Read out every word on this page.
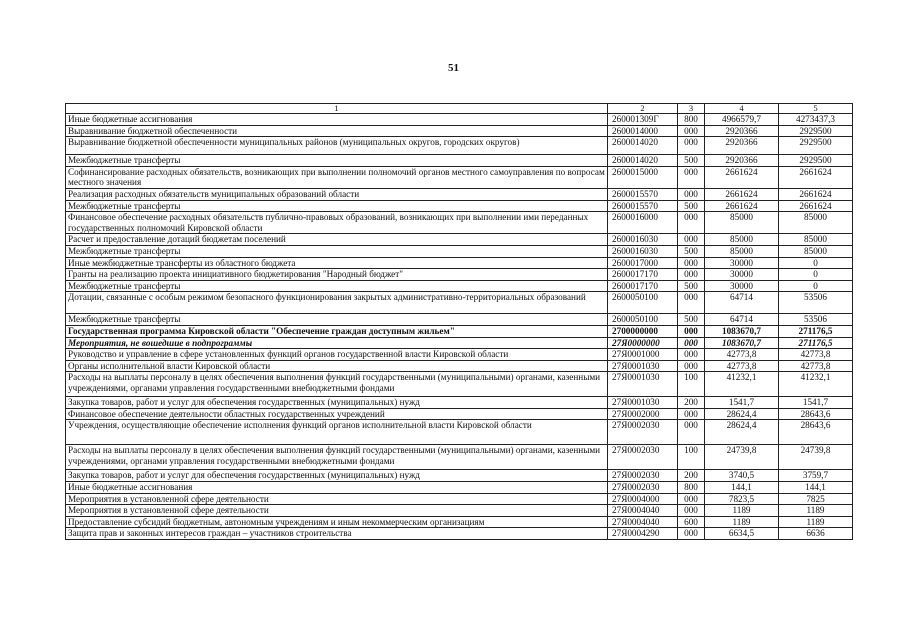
51
1	2	3	4	5
Иные бюджетные ассигнования	260001309Г	800	4966579,7	4273437,3
Выравнивание бюджетной обеспеченности	2600014000	000	2920366	2929500
Выравнивание бюджетной обеспеченности муниципальных районов (муниципальных округов, городских округов)	2600014020	000	2920366	2929500
Межбюджетные трансферты	2600014020	500	2920366	2929500
Софинансирование расходных обязательств, возникающих при выполнении полномочий органов местного самоуправления по вопросам местного значения	2600015000	000	2661624	2661624
Реализация расходных обязательств муниципальных образований области	2600015570	000	2661624	2661624
Межбюджетные трансферты	2600015570	500	2661624	2661624
Финансовое обеспечение расходных обязательств публично-правовых образований, возникающих при выполнении ими переданных государственных полномочий Кировской области	2600016000	000	85000	85000
Расчет и предоставление дотаций бюджетам поселений	2600016030	000	85000	85000
Межбюджетные трансферты	2600016030	500	85000	85000
Иные межбюджетные трансферты из областного бюджета	2600017000	000	30000	0
Гранты на реализацию проекта инициативного бюджетирования "Народный бюджет"	2600017170	000	30000	0
Межбюджетные трансферты	2600017170	500	30000	0
Дотации, связанные с особым режимом безопасного функционирования закрытых административно-территориальных образований	2600050100	000	64714	53506
Межбюджетные трансферты	2600050100	500	64714	53506
Государственная программа Кировской области "Обеспечение граждан доступным жильем"	2700000000	000	1083670,7	271176,5
Мероприятия, не вошедшие в подпрограммы	27Я0000000	000	1083670,7	271176,5
Руководство и управление в сфере установленных функций органов государственной власти Кировской области	27Я0001000	000	42773,8	42773,8
Органы исполнительной власти Кировской области	27Я0001030	000	42773,8	42773,8
Расходы на выплаты персоналу в целях обеспечения выполнения функций государственными (муниципальными) органами, казенными учреждениями, органами управления государственными внебюджетными фондами	27Я0001030	100	41232,1	41232,1
Закупка товаров, работ и услуг для обеспечения государственных (муниципальных) нужд	27Я0001030	200	1541,7	1541,7
Финансовое обеспечение деятельности областных государственных учреждений	27Я0002000	000	28624,4	28643,6
Учреждения, осуществляющие обеспечение исполнения функций органов исполнительной власти Кировской области	27Я0002030	000	28624,4	28643,6
Расходы на выплаты персоналу в целях обеспечения выполнения функций государственными (муниципальными) органами, казенными учреждениями, органами управления государственными внебюджетными фондами	27Я0002030	100	24739,8	24739,8
Закупка товаров, работ и услуг для обеспечения государственных (муниципальных) нужд	27Я0002030	200	3740,5	3759,7
Иные бюджетные ассигнования	27Я0002030	800	144,1	144,1
Мероприятия в установленной сфере деятельности	27Я0004000	000	7823,5	7825
Мероприятия в установленной сфере деятельности	27Я0004040	000	1189	1189
Предоставление субсидий бюджетным, автономным учреждениям и иным некоммерческим организациям	27Я0004040	600	1189	1189
Защита прав и законных интересов граждан – участников строительства	27Я0004290	000	6634,5	6636
